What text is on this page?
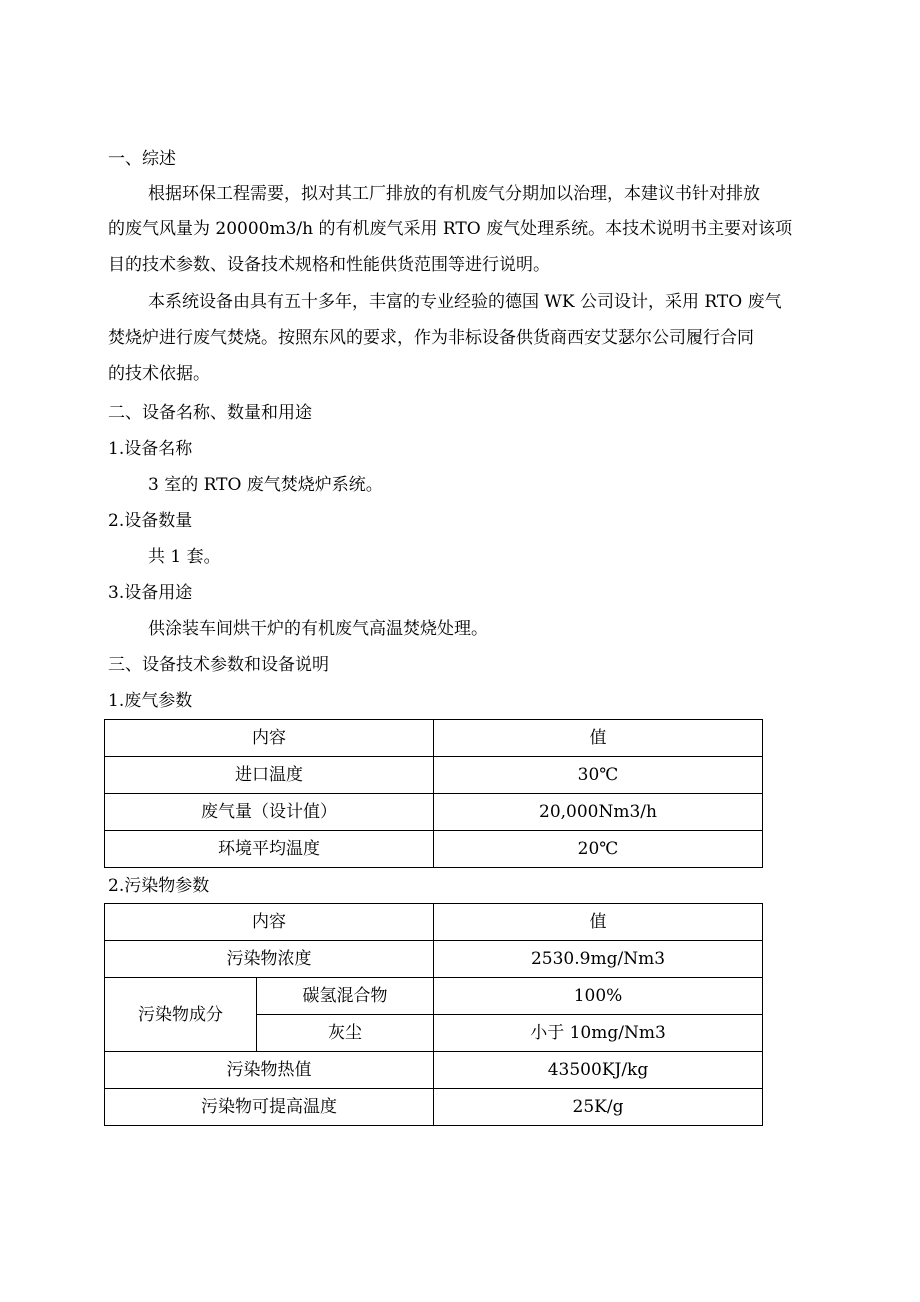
一、综述
根据环保工程需要，拟对其工厂排放的有机废气分期加以治理，本建议书针对排放
的废气风量为 20000m3/h 的有机废气采用 RTO 废气处理系统。本技术说明书主要对该项
目的技术参数、设备技术规格和性能供货范围等进行说明。
本系统设备由具有五十多年，丰富的专业经验的德国 WK 公司设计，采用 RTO 废气
焚烧炉进行废气焚烧。按照东风的要求，作为非标设备供货商西安艾瑟尔公司履行合同
的技术依据。
二、设备名称、数量和用途
1.设备名称
3 室的 RTO 废气焚烧炉系统。
2.设备数量
共 1 套。
3.设备用途
供涂装车间烘干炉的有机废气高温焚烧处理。
三、设备技术参数和设备说明
1.废气参数
内容	值
进口温度	30℃
废气量（设计值）	20,000Nm3/h
环境平均温度	20℃
2.污染物参数
内容		值
污染物浓度		2530.9mg/Nm3
污染物成分	碳氢混合物	100%
	灰尘	小于 10mg/Nm3
污染物热值		43500KJ/kg
污染物可提高温度		25K/g
